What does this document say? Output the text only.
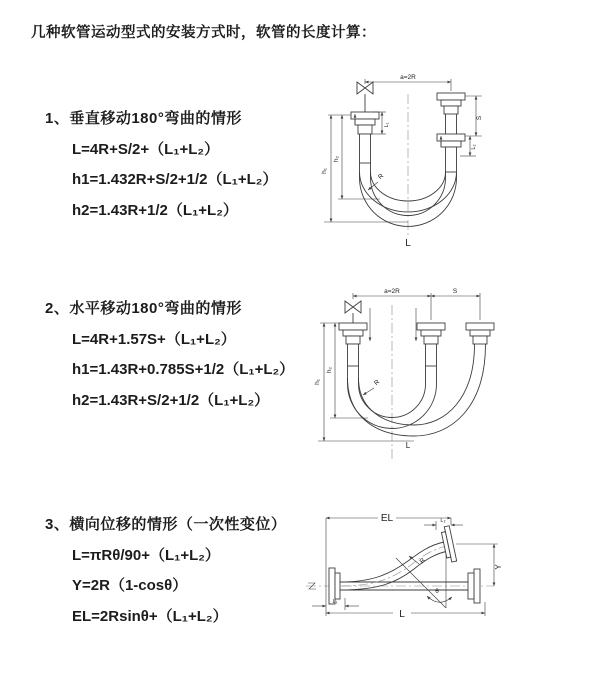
几种软管运动型式的安装方式时，软管的长度计算：
1、垂直移动180°弯曲的情形
L=4R+S/2+（L₁+L₂）
h1=1.432R+S/2+1/2（L₁+L₂）
h2=1.43R+1/2（L₁+L₂）
2、水平移动180°弯曲的情形
L=4R+1.57S+（L₁+L₂）
h1=1.43R+0.785S+1/2（L₁+L₂）
h2=1.43R+S/2+1/2（L₁+L₂）
3、横向位移的情形（一次性变位）
L=πRθ/90+（L₁+L₂）
Y=2R（1-cosθ）
EL=2Rsinθ+（L₁+L₂）
a=2R
S
L₁
L₂
h₁
h₂
R
L
a=2R	S
h₁
h₂
R
L
EL	L₂
Y
R
θ
L
L₁
